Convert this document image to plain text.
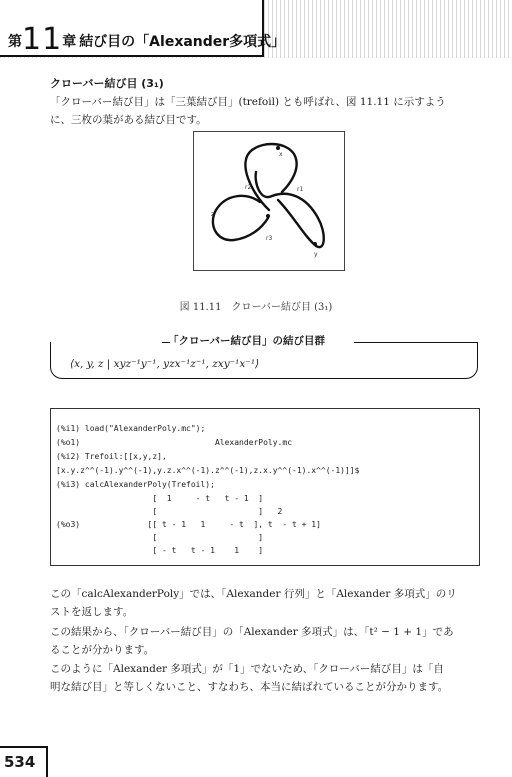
第11章 結び目の「Alexander多項式」
クローバー結び目 (3₁)
「クローバー結び目」は「三葉結び目」(trefoil) とも呼ばれ、図 11.11 に示すよう
に、三枚の葉がある結び目です。
x
y
z
r1
r2
r3
図 11.11　クローバー結び目 (3₁)
「クローバー結び目」の結び目群
⟨x, y, z | xyz⁻¹y⁻¹, yzx⁻¹z⁻¹, zxy⁻¹x⁻¹⟩
(%i1) load("AlexanderPoly.mc");
(%o1)                            AlexanderPoly.mc
(%i2) Trefoil:[[x,y,z],
[x.y.z^^(-1).y^^(-1),y.z.x^^(-1).z^^(-1),z.x.y^^(-1).x^^(-1)]]$
(%i3) calcAlexanderPoly(Trefoil);
[  1     - t   t - 1  ]
[                     ]   2
(%o3)              [[ t - 1   1     - t  ], t  - t + 1]
[                     ]
[ - t   t - 1    1    ]
この「calcAlexanderPoly」では、「Alexander 行列」と「Alexander 多項式」のリ
ストを返します。
この結果から、「クローバー結び目」の「Alexander 多項式」は、「t² − 1 + 1」であ
ることが分かります。
このように「Alexander 多項式」が「1」でないため、「クローバー結び目」は「自
明な結び目」と等しくないこと、すなわち、本当に結ばれていることが分かります。
534
